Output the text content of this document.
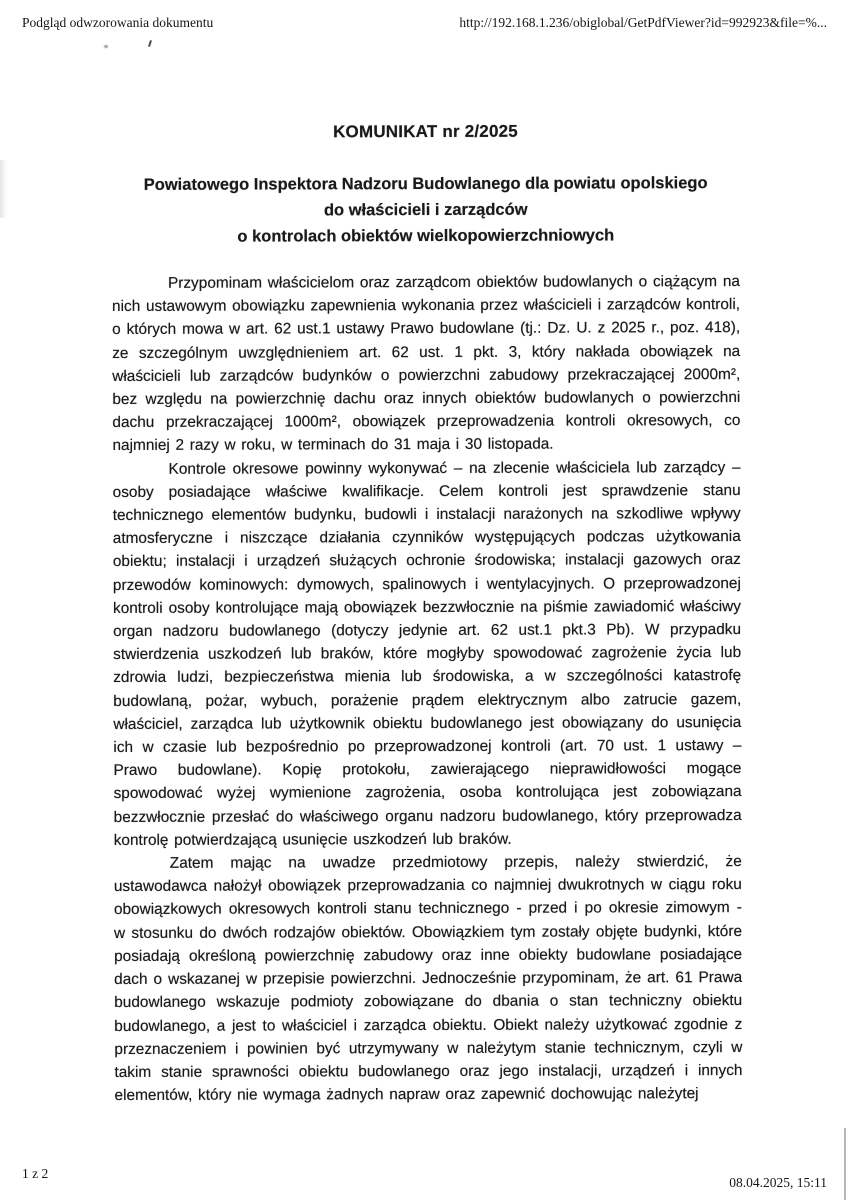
Podgląd odwzorowania dokumentu	http://192.168.1.236/obiglobal/GetPdfViewer?id=992923&file=%...
KOMUNIKAT nr 2/2025
Powiatowego Inspektora Nadzoru Budowlanego dla powiatu opolskiego
do właścicieli i zarządców
o kontrolach obiektów wielkopowierzchniowych

Przypominam właścicielom oraz zarządcom obiektów budowlanych o ciążącym na nich ustawowym obowiązku zapewnienia wykonania przez właścicieli i zarządców kontroli, o których mowa w art. 62 ust.1 ustawy Prawo budowlane (tj.: Dz. U. z 2025 r., poz. 418), ze szczególnym uwzględnieniem art. 62 ust. 1 pkt. 3, który nakłada obowiązek na właścicieli lub zarządców budynków o powierzchni zabudowy przekraczającej 2000m², bez względu na powierzchnię dachu oraz innych obiektów budowlanych o powierzchni dachu przekraczającej 1000m², obowiązek przeprowadzenia kontroli okresowych, co najmniej 2 razy w roku, w terminach do 31 maja i 30 listopada.

Kontrole okresowe powinny wykonywać – na zlecenie właściciela lub zarządcy – osoby posiadające właściwe kwalifikacje. Celem kontroli jest sprawdzenie stanu technicznego elementów budynku, budowli i instalacji narażonych na szkodliwe wpływy atmosferyczne i niszczące działania czynników występujących podczas użytkowania obiektu; instalacji i urządzeń służących ochronie środowiska; instalacji gazowych oraz przewodów kominowych: dymowych, spalinowych i wentylacyjnych. O przeprowadzonej kontroli osoby kontrolujące mają obowiązek bezzwłocznie na piśmie zawiadomić właściwy organ nadzoru budowlanego (dotyczy jedynie art. 62 ust.1 pkt.3 Pb). W przypadku stwierdzenia uszkodzeń lub braków, które mogłyby spowodować zagrożenie życia lub zdrowia ludzi, bezpieczeństwa mienia lub środowiska, a w szczególności katastrofę budowlaną, pożar, wybuch, porażenie prądem elektrycznym albo zatrucie gazem, właściciel, zarządca lub użytkownik obiektu budowlanego jest obowiązany do usunięcia ich w czasie lub bezpośrednio po przeprowadzonej kontroli (art. 70 ust. 1 ustawy – Prawo budowlane). Kopię protokołu, zawierającego nieprawidłowości mogące spowodować wyżej wymienione zagrożenia, osoba kontrolująca jest zobowiązana bezzwłocznie przesłać do właściwego organu nadzoru budowlanego, który przeprowadza kontrolę potwierdzającą usunięcie uszkodzeń lub braków.

Zatem mając na uwadze przedmiotowy przepis, należy stwierdzić, że ustawodawca nałożył obowiązek przeprowadzania co najmniej dwukrotnych w ciągu roku obowiązkowych okresowych kontroli stanu technicznego - przed i po okresie zimowym - w stosunku do dwóch rodzajów obiektów. Obowiązkiem tym zostały objęte budynki, które posiadają określoną powierzchnię zabudowy oraz inne obiekty budowlane posiadające dach o wskazanej w przepisie powierzchni. Jednocześnie przypominam, że art. 61 Prawa budowlanego wskazuje podmioty zobowiązane do dbania o stan techniczny obiektu budowlanego, a jest to właściciel i zarządca obiektu. Obiekt należy użytkować zgodnie z przeznaczeniem i powinien być utrzymywany w należytym stanie technicznym, czyli w takim stanie sprawności obiektu budowlanego oraz jego instalacji, urządzeń i innych elementów, który nie wymaga żadnych napraw oraz zapewnić dochowując należytej

1 z 2
08.04.2025, 15:11
